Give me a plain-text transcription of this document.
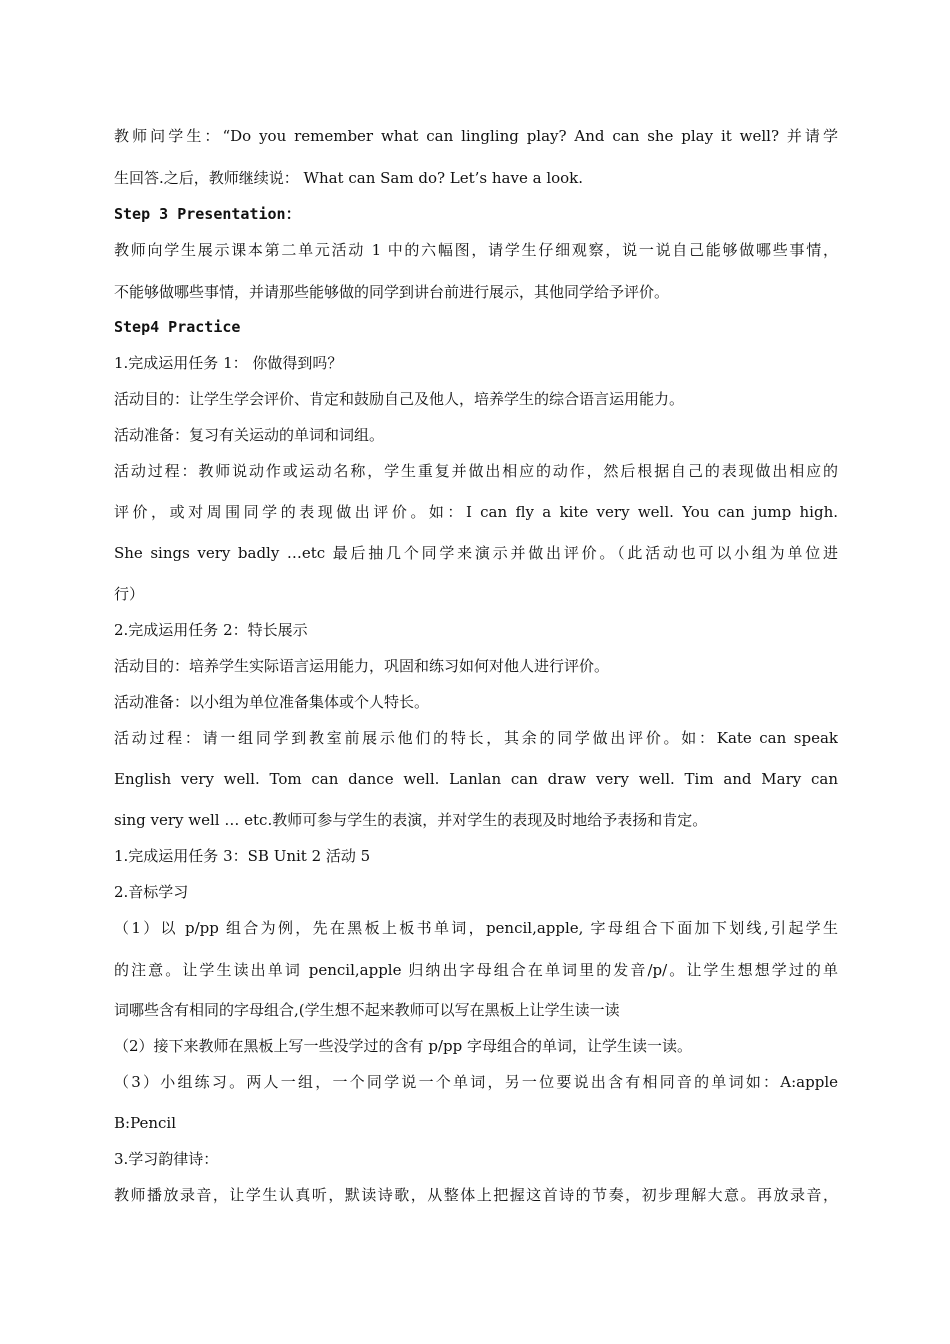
教师问学生：“Do you remember what can lingling play? And can she play it well? 并请学
生回答.之后，教师继续说： What can Sam do? Let’s have a look.
Step 3 Presentation：
教师向学生展示课本第二单元活动 1 中的六幅图，请学生仔细观察，说一说自己能够做哪些事情，
不能够做哪些事情，并请那些能够做的同学到讲台前进行展示，其他同学给予评价。
Step4 Practice
1.完成运用任务 1： 你做得到吗？
活动目的：让学生学会评价、肯定和鼓励自己及他人，培养学生的综合语言运用能力。
活动准备：复习有关运动的单词和词组。
活动过程：教师说动作或运动名称，学生重复并做出相应的动作，然后根据自己的表现做出相应的
评价，或对周围同学的表现做出评价。如：I can fly a kite very well. You can jump high.
She sings very badly …etc 最后抽几个同学来演示并做出评价。（此活动也可以小组为单位进
行）
2.完成运用任务 2：特长展示
活动目的：培养学生实际语言运用能力，巩固和练习如何对他人进行评价。
活动准备：以小组为单位准备集体或个人特长。
活动过程：请一组同学到教室前展示他们的特长，其余的同学做出评价。如：Kate can speak
English very well. Tom can dance well. Lanlan can draw very well. Tim and Mary can
sing very well … etc.教师可参与学生的表演，并对学生的表现及时地给予表扬和肯定。
1.完成运用任务 3：SB Unit 2 活动 5
2.音标学习
（1）以 p/pp 组合为例，先在黑板上板书单词，pencil,apple, 字母组合下面加下划线,引起学生
的注意。让学生读出单词 pencil,apple 归纳出字母组合在单词里的发音/p/。让学生想想学过的单
词哪些含有相同的字母组合,(学生想不起来教师可以写在黑板上让学生读一读
（2）接下来教师在黑板上写一些没学过的含有 p/pp 字母组合的单词，让学生读一读。
（3）小组练习。两人一组，一个同学说一个单词，另一位要说出含有相同音的单词如：A:apple
B:Pencil
3.学习韵律诗：
教师播放录音，让学生认真听，默读诗歌，从整体上把握这首诗的节奏，初步理解大意。再放录音，
